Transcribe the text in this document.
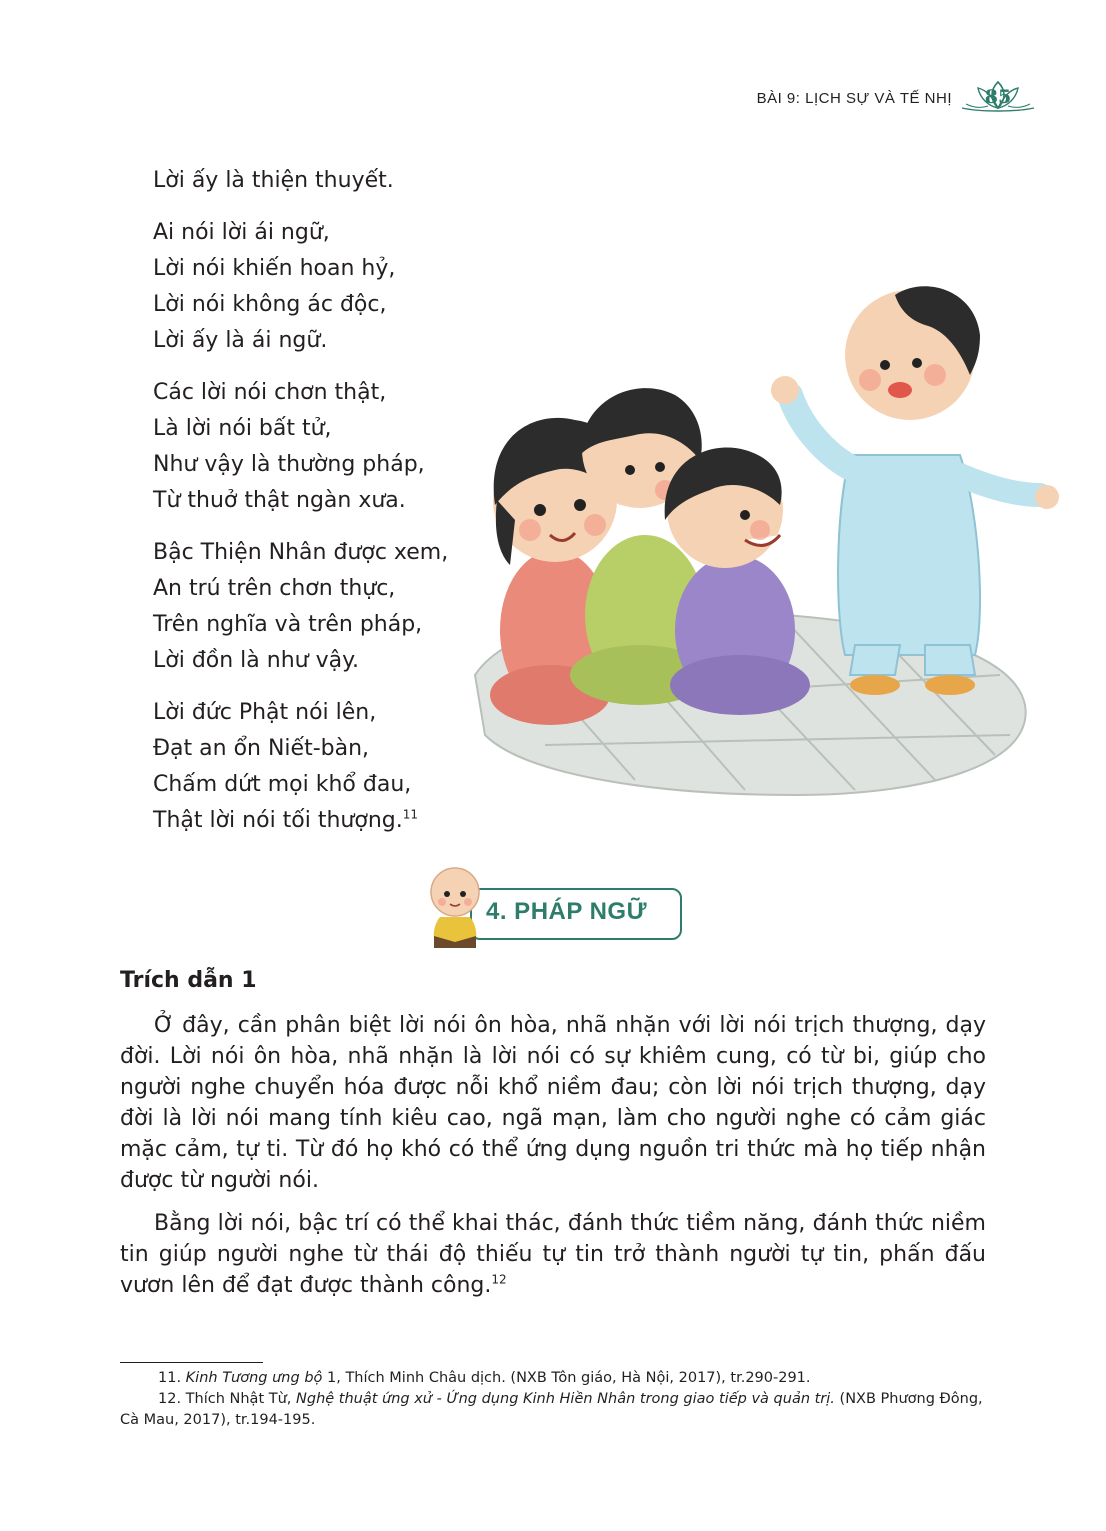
BÀI 9: LỊCH SỰ VÀ TẾ NHỊ	85
Lời ấy là thiện thuyết.
Ai nói lời ái ngữ,
Lời nói khiến hoan hỷ,
Lời nói không ác độc,
Lời ấy là ái ngữ.
Các lời nói chơn thật,
Là lời nói bất tử,
Như vậy là thường pháp,
Từ thuở thật ngàn xưa.
Bậc Thiện Nhân được xem,
An trú trên chơn thực,
Trên nghĩa và trên pháp,
Lời đồn là như vậy.
Lời đức Phật nói lên,
Đạt an ổn Niết-bàn,
Chấm dứt mọi khổ đau,
Thật lời nói tối thượng.$^{11}$
4. PHÁP NGỮ
Trích dẫn 1

Ở đây, cần phân biệt lời nói ôn hòa, nhã nhặn với lời nói trịch thượng, dạy đời. Lời nói ôn hòa, nhã nhặn là lời nói có sự khiêm cung, có từ bi, giúp cho người nghe chuyển hóa được nỗi khổ niềm đau; còn lời nói trịch thượng, dạy đời là lời nói mang tính kiêu cao, ngã mạn, làm cho người nghe có cảm giác mặc cảm, tự ti. Từ đó họ khó có thể ứng dụng nguồn tri thức mà họ tiếp nhận được từ người nói.

Bằng lời nói, bậc trí có thể khai thác, đánh thức tiềm năng, đánh thức niềm tin giúp người nghe từ thái độ thiếu tự tin trở thành người tự tin, phấn đấu vươn lên để đạt được thành công.$^{12}$

11. Kinh Tương ưng bộ 1, Thích Minh Châu dịch. (NXB Tôn giáo, Hà Nội, 2017), tr.290-291.

12. Thích Nhật Từ, Nghệ thuật ứng xử - Ứng dụng Kinh Hiền Nhân trong giao tiếp và quản trị. (NXB Phương Đông, Cà Mau, 2017), tr.194-195.
